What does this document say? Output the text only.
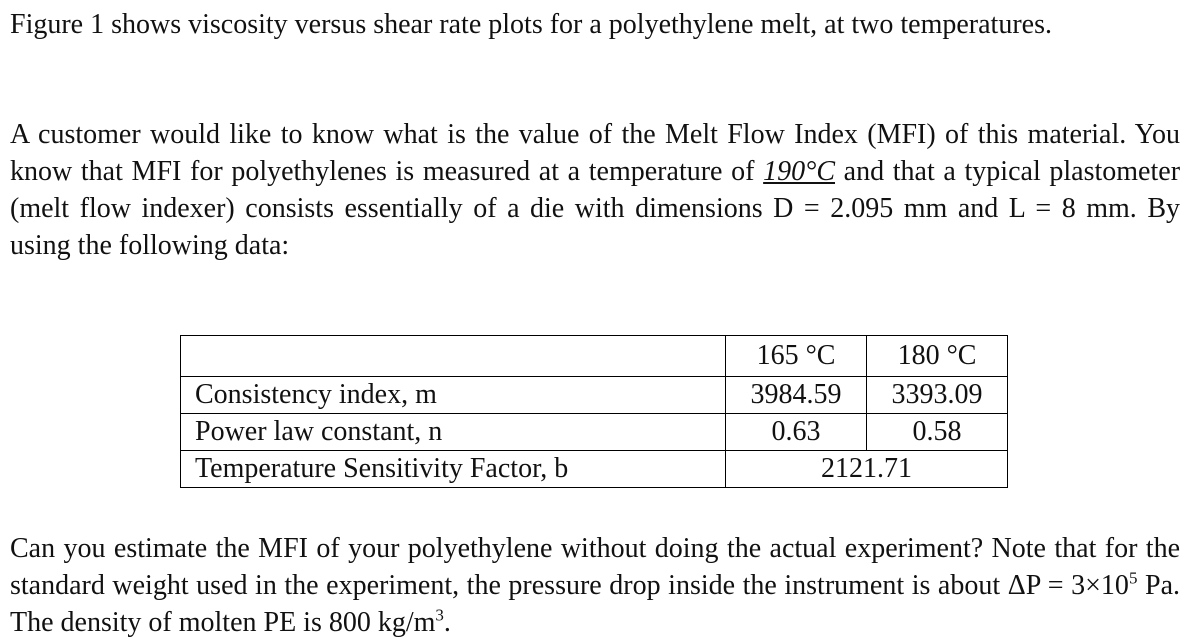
Figure 1 shows viscosity versus shear rate plots for a polyethylene melt, at two temperatures.

A customer would like to know what is the value of the Melt Flow Index (MFI) of this material. You know that MFI for polyethylenes is measured at a temperature of 190°C and that a typical plastometer (melt flow indexer) consists essentially of a die with dimensions D = 2.095 mm and L = 8 mm. By using the following data:

	165 °C	180 °C
Consistency index, m	3984.59	3393.09
Power law constant, n	0.63	0.58
Temperature Sensitivity Factor, b	2121.71	

Can you estimate the MFI of your polyethylene without doing the actual experiment? Note that for the standard weight used in the experiment, the pressure drop inside the instrument is about $\Delta P = 3\times 10^5$ Pa. The density of molten PE is 800 $kg/m^3$.
